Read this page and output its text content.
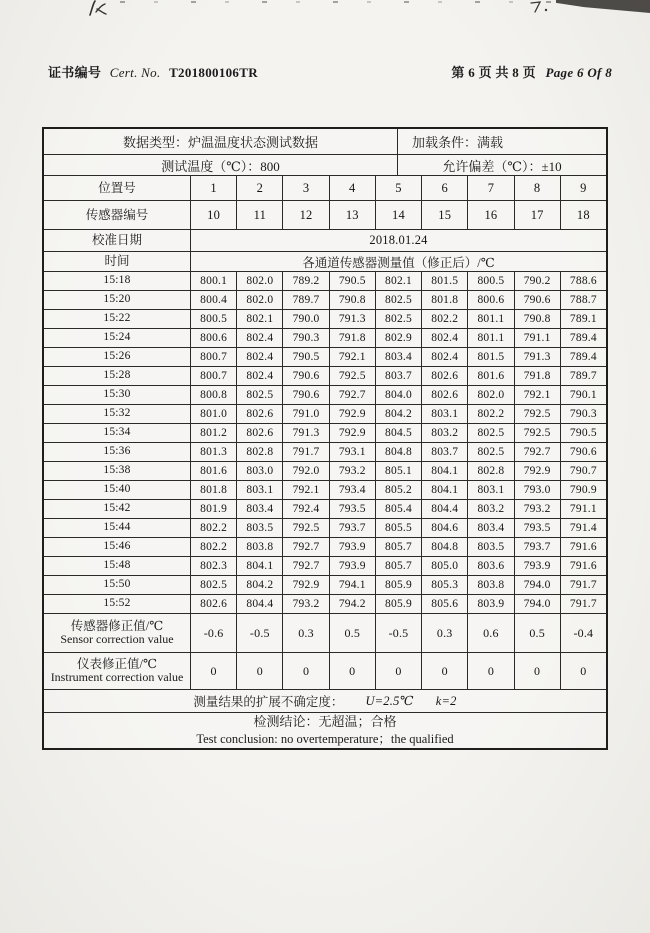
证书编号 Cert. No. T201800106TR	第 6 页 共 8 页 Page 6 Of 8
数据类型：炉温温度状态测试数据	加载条件：满载
测试温度（℃）：800	允许偏差（℃）：±10
位置号	1	2	3	4	5	6	7	8	9
传感器编号	10	11	12	13	14	15	16	17	18
校准日期	2018.01.24
时间	各通道传感器测量值（修正后）/℃
15:18	800.1	802.0	789.2	790.5	802.1	801.5	800.5	790.2	788.6
15:20	800.4	802.0	789.7	790.8	802.5	801.8	800.6	790.6	788.7
15:22	800.5	802.1	790.0	791.3	802.5	802.2	801.1	790.8	789.1
15:24	800.6	802.4	790.3	791.8	802.9	802.4	801.1	791.1	789.4
15:26	800.7	802.4	790.5	792.1	803.4	802.4	801.5	791.3	789.4
15:28	800.7	802.4	790.6	792.5	803.7	802.6	801.6	791.8	789.7
15:30	800.8	802.5	790.6	792.7	804.0	802.6	802.0	792.1	790.1
15:32	801.0	802.6	791.0	792.9	804.2	803.1	802.2	792.5	790.3
15:34	801.2	802.6	791.3	792.9	804.5	803.2	802.5	792.5	790.5
15:36	801.3	802.8	791.7	793.1	804.8	803.7	802.5	792.7	790.6
15:38	801.6	803.0	792.0	793.2	805.1	804.1	802.8	792.9	790.7
15:40	801.8	803.1	792.1	793.4	805.2	804.1	803.1	793.0	790.9
15:42	801.9	803.4	792.4	793.5	805.4	804.4	803.2	793.2	791.1
15:44	802.2	803.5	792.5	793.7	805.5	804.6	803.4	793.5	791.4
15:46	802.2	803.8	792.7	793.9	805.7	804.8	803.5	793.7	791.6
15:48	802.3	804.1	792.7	793.9	805.7	805.0	803.6	793.9	791.6
15:50	802.5	804.2	792.9	794.1	805.9	805.3	803.8	794.0	791.7
15:52	802.6	804.4	793.2	794.2	805.9	805.6	803.9	794.0	791.7
传感器修正值/℃
Sensor correction value	-0.6	-0.5	0.3	0.5	-0.5	0.3	0.6	0.5	-0.4
仪表修正值/℃
Instrument correction value	0	0	0	0	0	0	0	0	0
测量结果的扩展不确定度： U=2.5℃ k=2
检测结论：无超温；合格
Test conclusion: no overtemperature；the qualified
